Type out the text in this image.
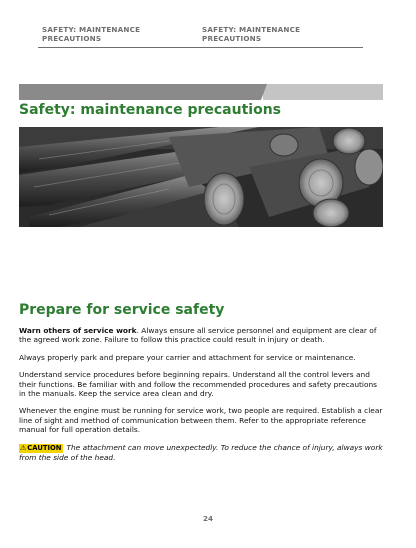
SAFETY: MAINTENANCE PRECAUTIONS
SAFETY: MAINTENANCE PRECAUTIONS
Safety: maintenance precautions
Prepare for service safety

Warn others of service work. Always ensure all service personnel and equipment are clear of the agreed work zone. Failure to follow this practice could result in injury or death.

Always properly park and prepare your carrier and attachment for service or maintenance.

Understand service procedures before beginning repairs. Understand all the control levers and their functions. Be familiar with and follow the recommended procedures and safety precautions in the manuals. Keep the service area clean and dry.

Whenever the engine must be running for service work, two people are required. Establish a clear line of sight and method of communication between them. Refer to the appropriate reference manual for full operation details.

⚠ CAUTION The attachment can move unexpectedly. To reduce the chance of injury, always work from the side of the head.

24
